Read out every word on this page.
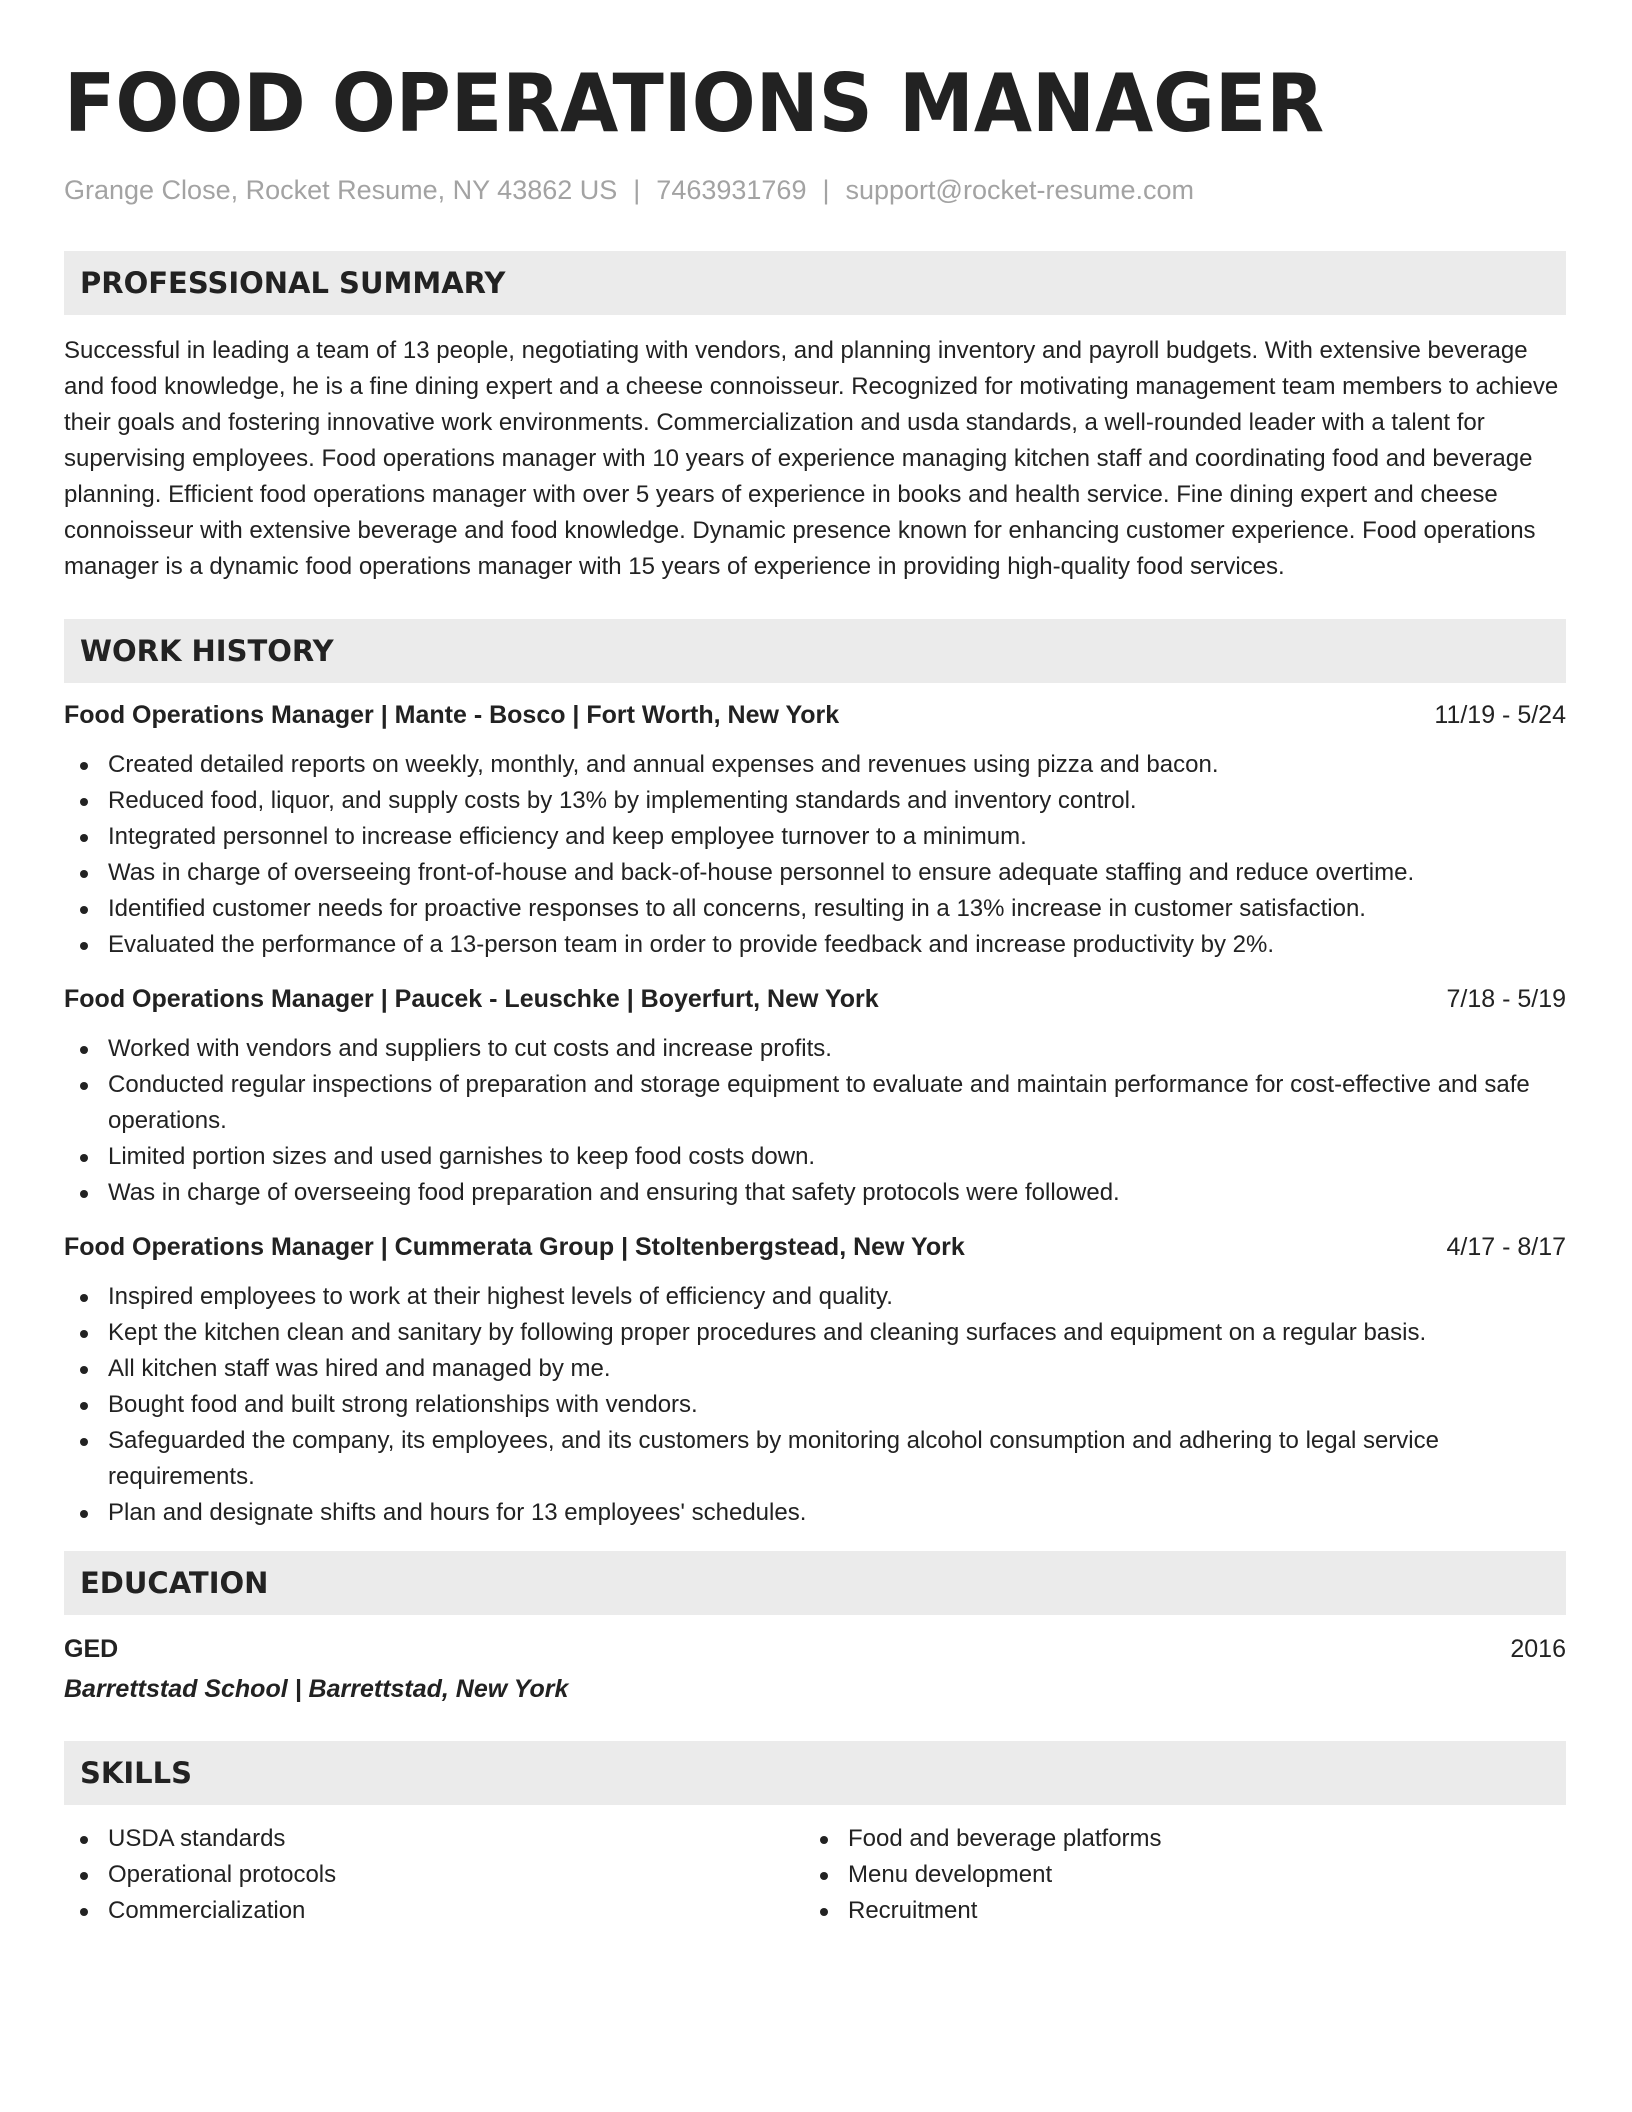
FOOD OPERATIONS MANAGER
Grange Close, Rocket Resume, NY 43862 US | 7463931769 | support@rocket-resume.com
PROFESSIONAL SUMMARY

Successful in leading a team of 13 people, negotiating with vendors, and planning inventory and payroll budgets. With extensive beverage and food knowledge, he is a fine dining expert and a cheese connoisseur. Recognized for motivating management team members to achieve their goals and fostering innovative work environments. Commercialization and usda standards, a well-rounded leader with a talent for supervising employees. Food operations manager with 10 years of experience managing kitchen staff and coordinating food and beverage planning. Efficient food operations manager with over 5 years of experience in books and health service. Fine dining expert and cheese connoisseur with extensive beverage and food knowledge. Dynamic presence known for enhancing customer experience. Food operations manager is a dynamic food operations manager with 15 years of experience in providing high-quality food services.

WORK HISTORY
Food Operations Manager | Mante - Bosco | Fort Worth, New York	11/19 - 5/24
Created detailed reports on weekly, monthly, and annual expenses and revenues using pizza and bacon.
Reduced food, liquor, and supply costs by 13% by implementing standards and inventory control.
Integrated personnel to increase efficiency and keep employee turnover to a minimum.
Was in charge of overseeing front-of-house and back-of-house personnel to ensure adequate staffing and reduce overtime.
Identified customer needs for proactive responses to all concerns, resulting in a 13% increase in customer satisfaction.
Evaluated the performance of a 13-person team in order to provide feedback and increase productivity by 2%.
Food Operations Manager | Paucek - Leuschke | Boyerfurt, New York	7/18 - 5/19
Worked with vendors and suppliers to cut costs and increase profits.
Conducted regular inspections of preparation and storage equipment to evaluate and maintain performance for cost-effective and safe operations.
Limited portion sizes and used garnishes to keep food costs down.
Was in charge of overseeing food preparation and ensuring that safety protocols were followed.
Food Operations Manager | Cummerata Group | Stoltenbergstead, New York	4/17 - 8/17
Inspired employees to work at their highest levels of efficiency and quality.
Kept the kitchen clean and sanitary by following proper procedures and cleaning surfaces and equipment on a regular basis.
All kitchen staff was hired and managed by me.
Bought food and built strong relationships with vendors.
Safeguarded the company, its employees, and its customers by monitoring alcohol consumption and adhering to legal service requirements.
Plan and designate shifts and hours for 13 employees' schedules.
EDUCATION
GED	2016
Barrettstad School | Barrettstad, New York
SKILLS
USDA standards
Operational protocols
Commercialization
Food and beverage platforms
Menu development
Recruitment
